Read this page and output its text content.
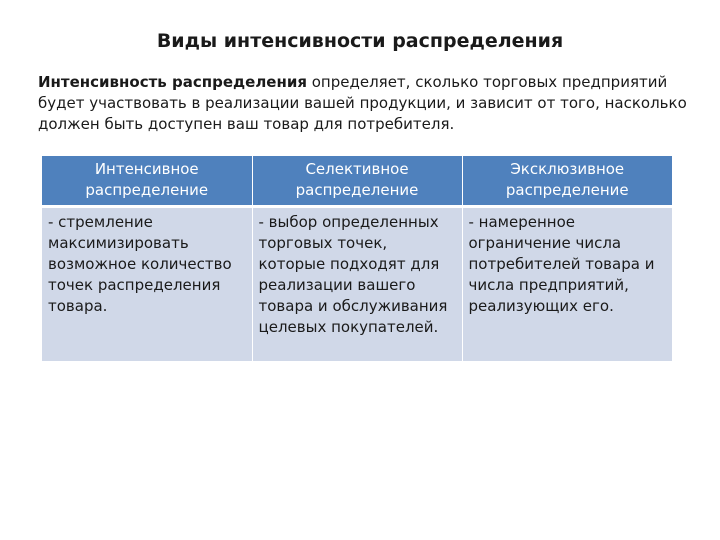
Виды интенсивности распределения

Интенсивность распределения определяет, сколько торговых предприятий будет участвовать в реализации вашей продукции, и зависит от того, насколько должен быть доступен ваш товар для потребителя.

Интенсивное распределение	Селективное распределение	Эксклюзивное распределение
- стремление максимизировать возможное количество точек распределения товара.	- выбор определенных торговых точек, которые подходят для реализации вашего товара и обслуживания целевых покупателей.	- намеренное ограничение числа потребителей товара и числа предприятий, реализующих его.
